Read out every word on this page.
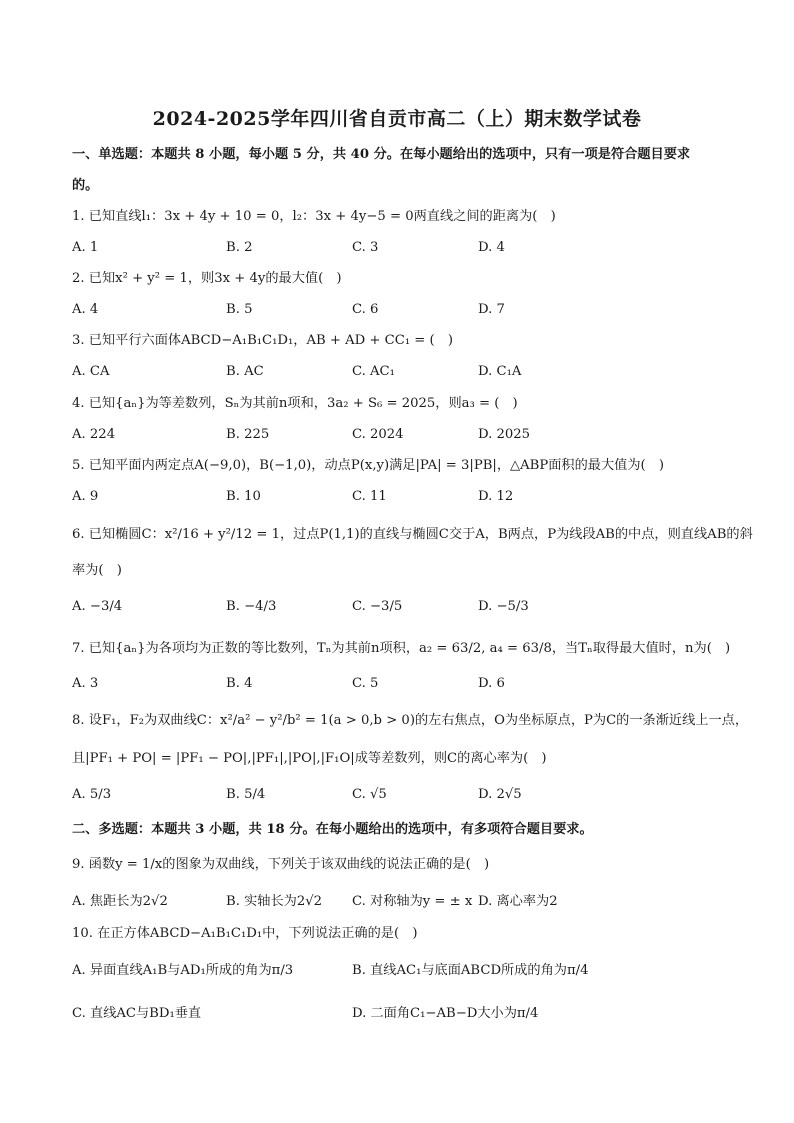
2024-2025学年四川省自贡市高二（上）期末数学试卷
一、单选题：本题共 8 小题，每小题 5 分，共 40 分。在每小题给出的选项中，只有一项是符合题目要求
的。
1. 已知直线l₁：3x + 4y + 10 = 0，l₂：3x + 4y−5 = 0两直线之间的距离为(　)
A. 1	B. 2	C. 3	D. 4
2. 已知x² + y² = 1，则3x + 4y的最大值(　)
A. 4	B. 5	C. 6	D. 7
3. 已知平行六面体ABCD−A₁B₁C₁D₁，AB + AD + CC₁ = (　)
A. CA	B. AC	C. AC₁	D. C₁A
4. 已知{aₙ}为等差数列，Sₙ为其前n项和，3a₂ + S₆ = 2025，则a₃ = (　)
A. 224	B. 225	C. 2024	D. 2025
5. 已知平面内两定点A(−9,0)，B(−1,0)，动点P(x,y)满足|PA| = 3|PB|，△ABP面积的最大值为(　)
A. 9	B. 10	C. 11	D. 12
6. 已知椭圆C：x²/16 + y²/12 = 1，过点P(1,1)的直线与椭圆C交于A，B两点，P为线段AB的中点，则直线AB的斜
率为(　)
A. −3/4	B. −4/3	C. −3/5	D. −5/3
7. 已知{aₙ}为各项均为正数的等比数列，Tₙ为其前n项积，a₂ = 63/2, a₄ = 63/8，当Tₙ取得最大值时，n为(　)
A. 3	B. 4	C. 5	D. 6
8. 设F₁，F₂为双曲线C：x²/a² − y²/b² = 1(a > 0,b > 0)的左右焦点，O为坐标原点，P为C的一条渐近线上一点，
且|PF₁ + PO| = |PF₁ − PO|,|PF₁|,|PO|,|F₁O|成等差数列，则C的离心率为(　)
A. 5/3	B. 5/4	C. √5	D. 2√5
二、多选题：本题共 3 小题，共 18 分。在每小题给出的选项中，有多项符合题目要求。
9. 函数y = 1/x的图象为双曲线，下列关于该双曲线的说法正确的是(　)
A. 焦距长为2√2	B. 实轴长为2√2 C. 对称轴为y = ± x D. 离心率为2
10. 在正方体ABCD−A₁B₁C₁D₁中，下列说法正确的是(　)
A. 异面直线A₁B与AD₁所成的角为π/3	B. 直线AC₁与底面ABCD所成的角为π/4
C. 直线AC与BD₁垂直	D. 二面角C₁−AB−D大小为π/4
